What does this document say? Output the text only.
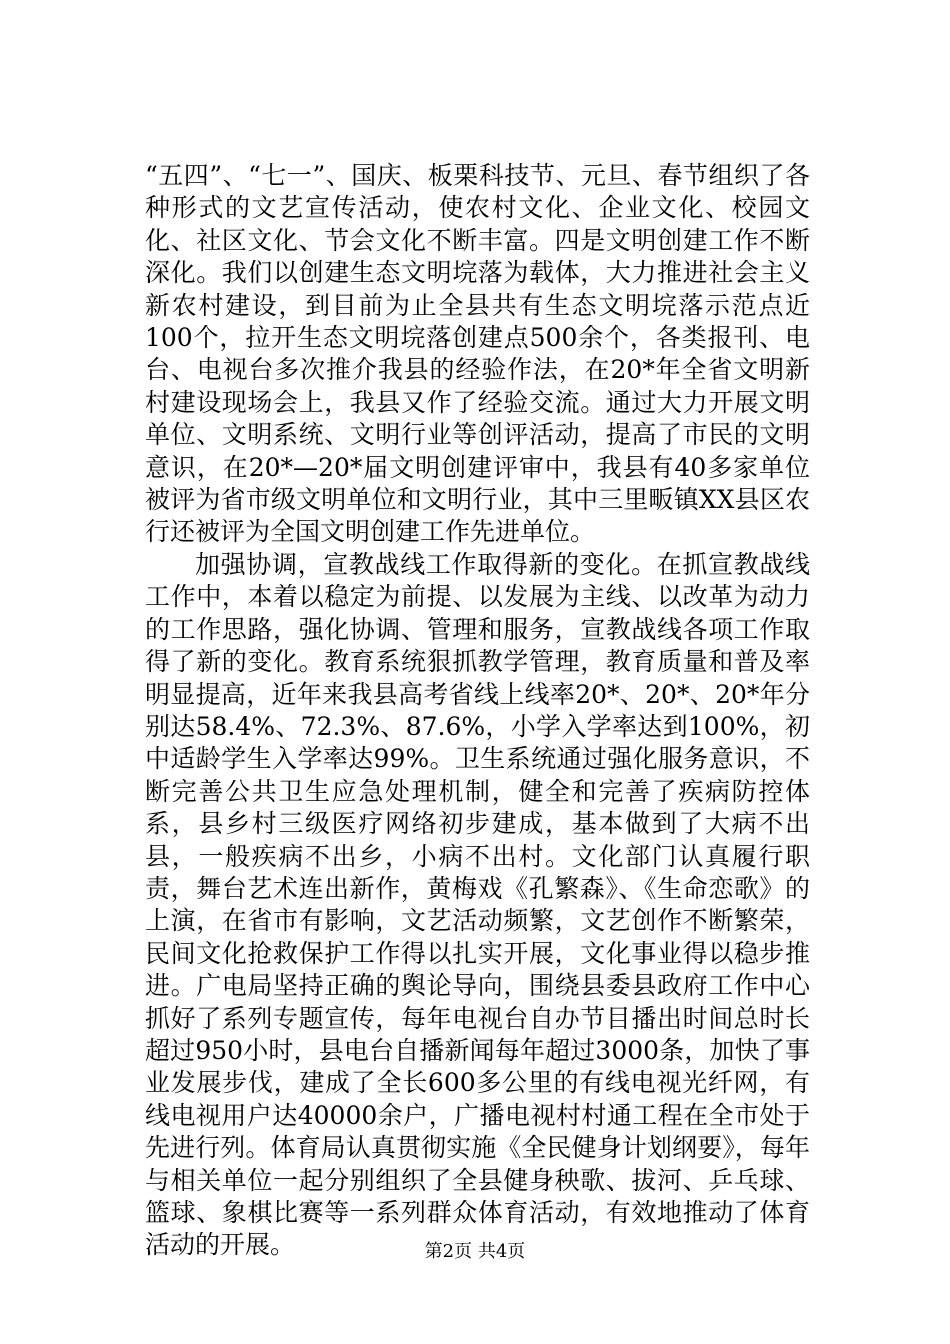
“五四”、“七一”、国庆、板栗科技节、元旦、春节组织了各种形式的文艺宣传活动，使农村文化、企业文化、校园文化、社区文化、节会文化不断丰富。四是文明创建工作不断深化。我们以创建生态文明垸落为载体，大力推进社会主义新农村建设，到目前为止全县共有生态文明垸落示范点近100个，拉开生态文明垸落创建点500余个，各类报刊、电台、电视台多次推介我县的经验作法，在20*年全省文明新村建设现场会上，我县又作了经验交流。通过大力开展文明单位、文明系统、文明行业等创评活动，提高了市民的文明意识，在20*—20*届文明创建评审中，我县有40多家单位被评为省市级文明单位和文明行业，其中三里畈镇XX县区农行还被评为全国文明创建工作先进单位。

加强协调，宣教战线工作取得新的变化。在抓宣教战线工作中，本着以稳定为前提、以发展为主线、以改革为动力的工作思路，强化协调、管理和服务，宣教战线各项工作取得了新的变化。教育系统狠抓教学管理，教育质量和普及率明显提高，近年来我县高考省线上线率20*、20*、20*年分别达58.4%、72.3%、87.6%，小学入学率达到100%，初中适龄学生入学率达99%。卫生系统通过强化服务意识，不断完善公共卫生应急处理机制，健全和完善了疾病防控体系，县乡村三级医疗网络初步建成，基本做到了大病不出县，一般疾病不出乡，小病不出村。文化部门认真履行职责，舞台艺术连出新作，黄梅戏《孔繁森》、《生命恋歌》的上演，在省市有影响，文艺活动频繁，文艺创作不断繁荣，民间文化抢救保护工作得以扎实开展，文化事业得以稳步推进。广电局坚持正确的舆论导向，围绕县委县政府工作中心抓好了系列专题宣传，每年电视台自办节目播出时间总时长超过950小时，县电台自播新闻每年超过3000条，加快了事业发展步伐，建成了全长600多公里的有线电视光纤网，有线电视用户达40000余户，广播电视村村通工程在全市处于先进行列。体育局认真贯彻实施《全民健身计划纲要》，每年与相关单位一起分别组织了全县健身秧歌、拔河、乒乓球、篮球、象棋比赛等一系列群众体育活动，有效地推动了体育活动的开展。	第2页 共4页
